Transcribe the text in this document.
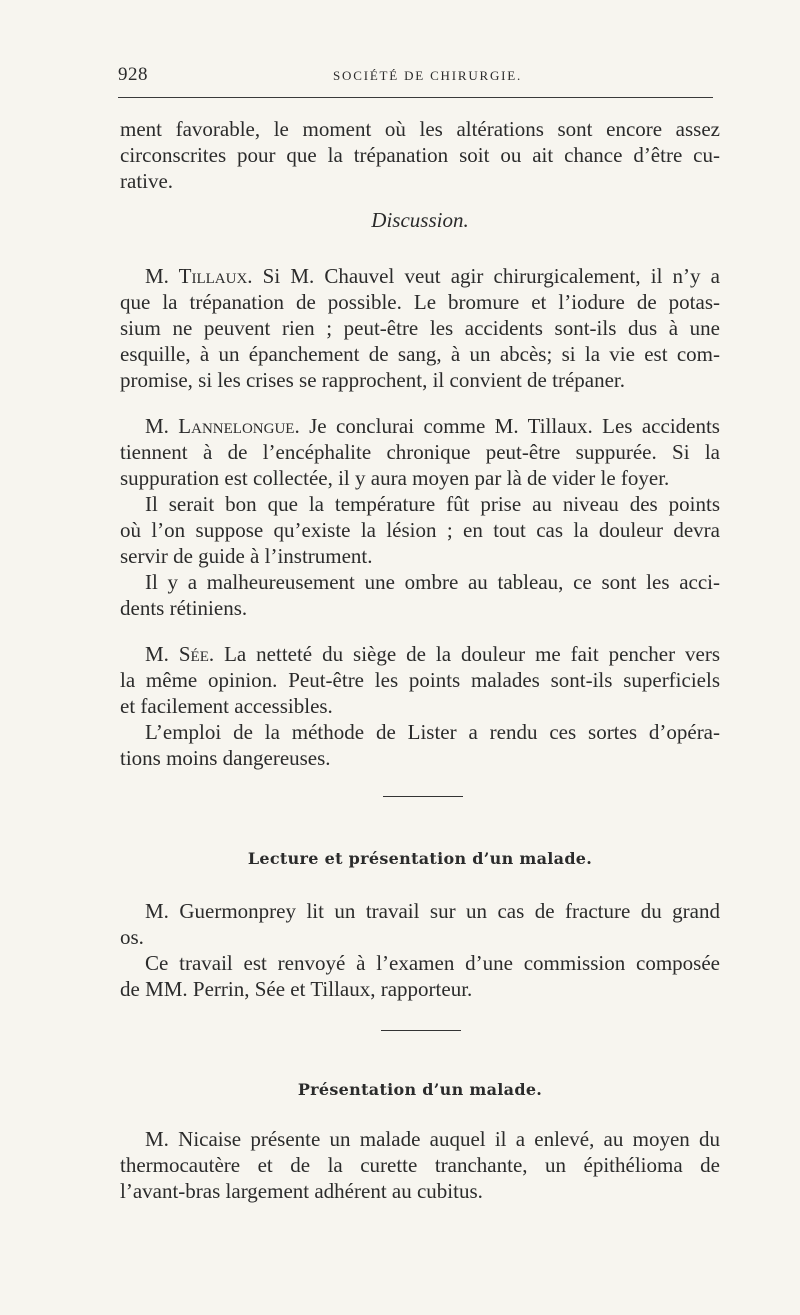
928	SOCIÉTÉ DE CHIRURGIE.
ment favorable, le moment où les altérations sont encore assez
circonscrites pour que la trépanation soit ou ait chance d’être cu-
rative.
Discussion.
M. Tillaux. Si M. Chauvel veut agir chirurgicalement, il n’y a
que la trépanation de possible. Le bromure et l’iodure de potas-
sium ne peuvent rien ; peut-être les accidents sont-ils dus à une
esquille, à un épanchement de sang, à un abcès; si la vie est com-
promise, si les crises se rapprochent, il convient de trépaner.
M. Lannelongue. Je conclurai comme M. Tillaux. Les accidents
tiennent à de l’encéphalite chronique peut-être suppurée. Si la
suppuration est collectée, il y aura moyen par là de vider le foyer.
Il serait bon que la température fût prise au niveau des points
où l’on suppose qu’existe la lésion ; en tout cas la douleur devra
servir de guide à l’instrument.
Il y a malheureusement une ombre au tableau, ce sont les acci-
dents rétiniens.
M. Sée. La netteté du siège de la douleur me fait pencher vers
la même opinion. Peut-être les points malades sont-ils superficiels
et facilement accessibles.
L’emploi de la méthode de Lister a rendu ces sortes d’opéra-
tions moins dangereuses.
Lecture et présentation d’un malade.
M. Guermonprey lit un travail sur un cas de fracture du grand
os.
Ce travail est renvoyé à l’examen d’une commission composée
de MM. Perrin, Sée et Tillaux, rapporteur.
Présentation d’un malade.
M. Nicaise présente un malade auquel il a enlevé, au moyen du
thermocautère et de la curette tranchante, un épithélioma de
l’avant-bras largement adhérent au cubitus.
